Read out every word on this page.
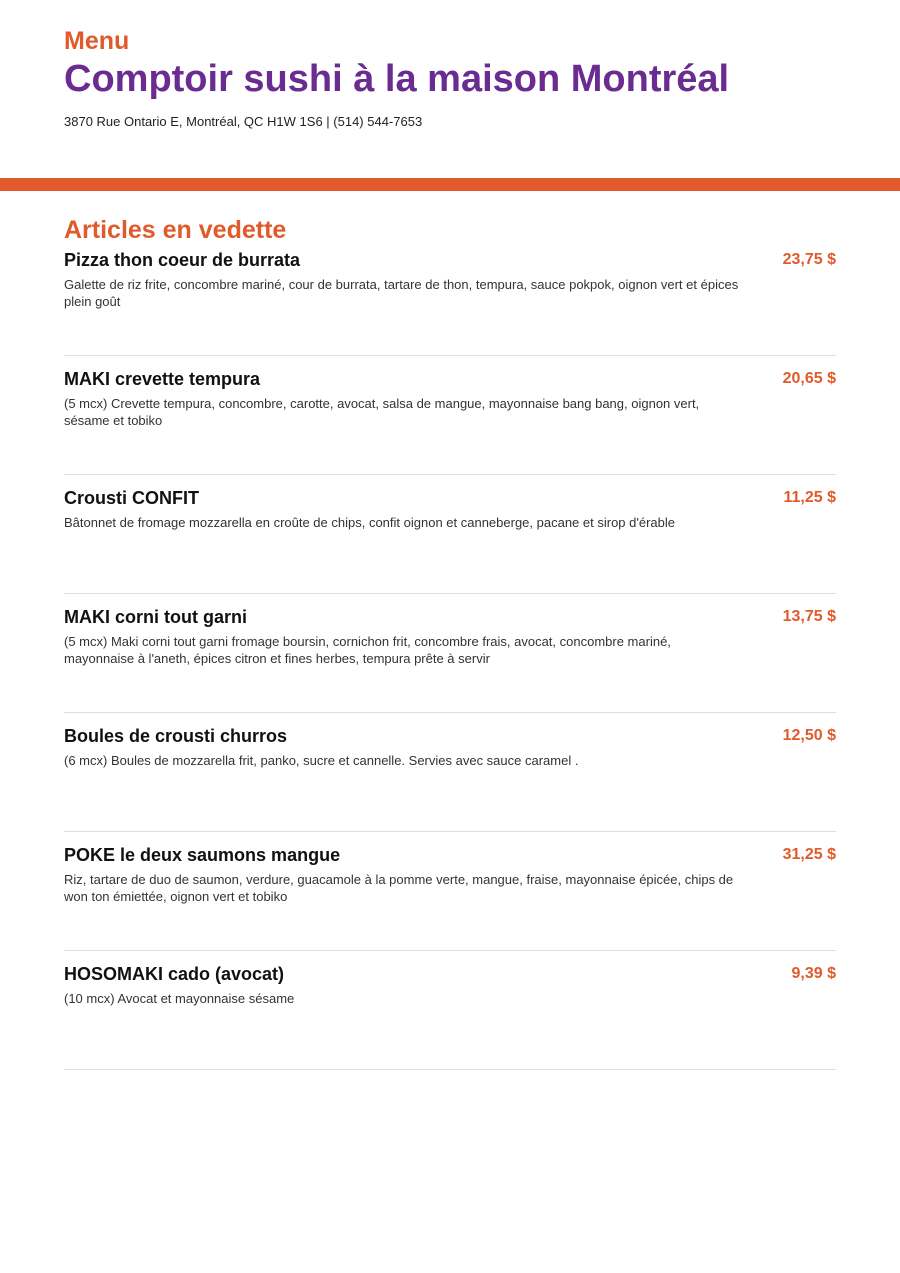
Menu
Comptoir sushi à la maison Montréal
3870 Rue Ontario E, Montréal, QC H1W 1S6 | (514) 544-7653
Articles en vedette
Pizza thon coeur de burrata	23,75 $
Galette de riz frite, concombre mariné, cour de burrata, tartare de thon, tempura, sauce pokpok, oignon vert et épices plein goût
MAKI crevette tempura	20,65 $
(5 mcx) Crevette tempura, concombre, carotte, avocat, salsa de mangue, mayonnaise bang bang, oignon vert, sésame et tobiko
Crousti CONFIT	11,25 $
Bâtonnet de fromage mozzarella en croûte de chips, confit oignon et canneberge, pacane et sirop d'érable
MAKI corni tout garni	13,75 $
(5 mcx) Maki corni tout garni fromage boursin, cornichon frit, concombre frais, avocat, concombre mariné, mayonnaise à l'aneth, épices citron et fines herbes, tempura prête à servir
Boules de crousti churros	12,50 $
(6 mcx) Boules de mozzarella frit, panko, sucre et cannelle. Servies avec sauce caramel .
POKE le deux saumons mangue	31,25 $
Riz, tartare de duo de saumon, verdure, guacamole à la pomme verte, mangue, fraise, mayonnaise épicée, chips de won ton émiettée, oignon vert et tobiko
HOSOMAKI cado (avocat)	9,39 $
(10 mcx) Avocat et mayonnaise sésame
